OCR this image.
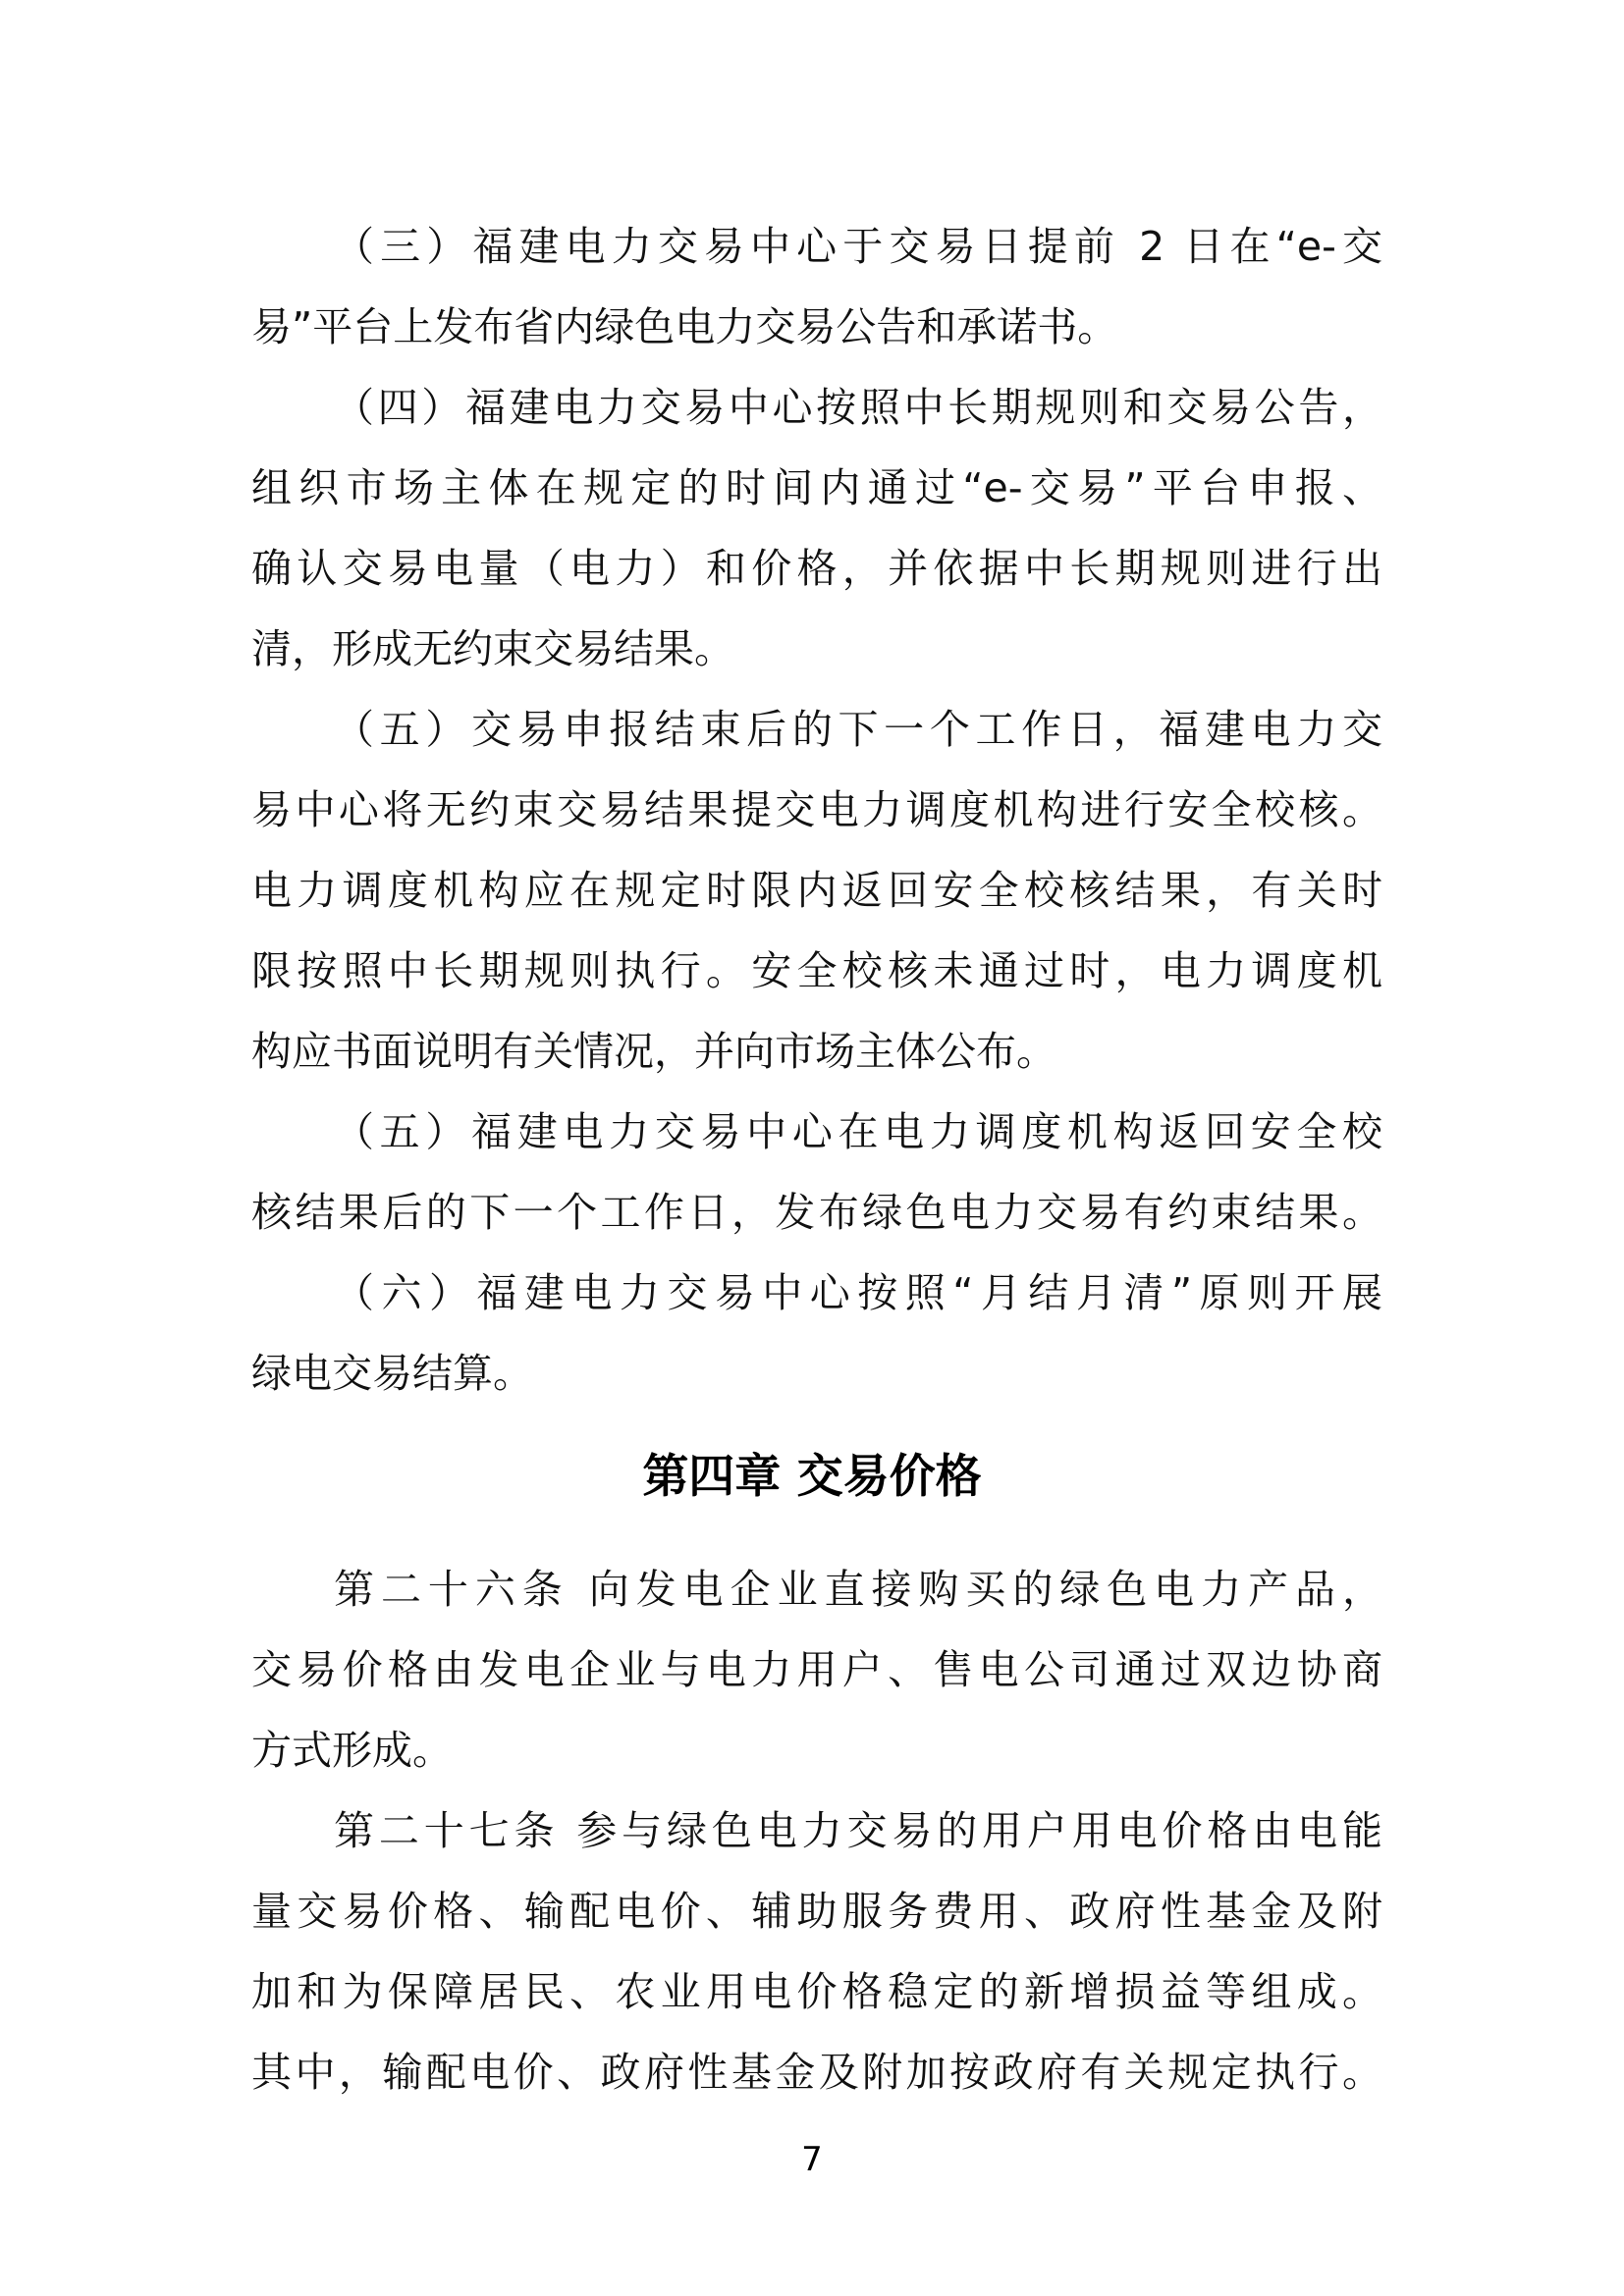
（三）福建电力交易中心于交易日提前 2 日在“e-交
易”平台上发布省内绿色电力交易公告和承诺书。
（四）福建电力交易中心按照中长期规则和交易公告，
组织市场主体在规定的时间内通过“e-交易”平台申报、
确认交易电量（电力）和价格，并依据中长期规则进行出
清，形成无约束交易结果。
（五）交易申报结束后的下一个工作日，福建电力交
易中心将无约束交易结果提交电力调度机构进行安全校核。
电力调度机构应在规定时限内返回安全校核结果，有关时
限按照中长期规则执行。安全校核未通过时，电力调度机
构应书面说明有关情况，并向市场主体公布。
（五）福建电力交易中心在电力调度机构返回安全校
核结果后的下一个工作日，发布绿色电力交易有约束结果。
（六）福建电力交易中心按照“月结月清”原则开展
绿电交易结算。
第四章 交易价格
第二十六条 向发电企业直接购买的绿色电力产品，
交易价格由发电企业与电力用户、售电公司通过双边协商
方式形成。
第二十七条 参与绿色电力交易的用户用电价格由电能
量交易价格、输配电价、辅助服务费用、政府性基金及附
加和为保障居民、农业用电价格稳定的新增损益等组成。
其中，输配电价、政府性基金及附加按政府有关规定执行。
7
